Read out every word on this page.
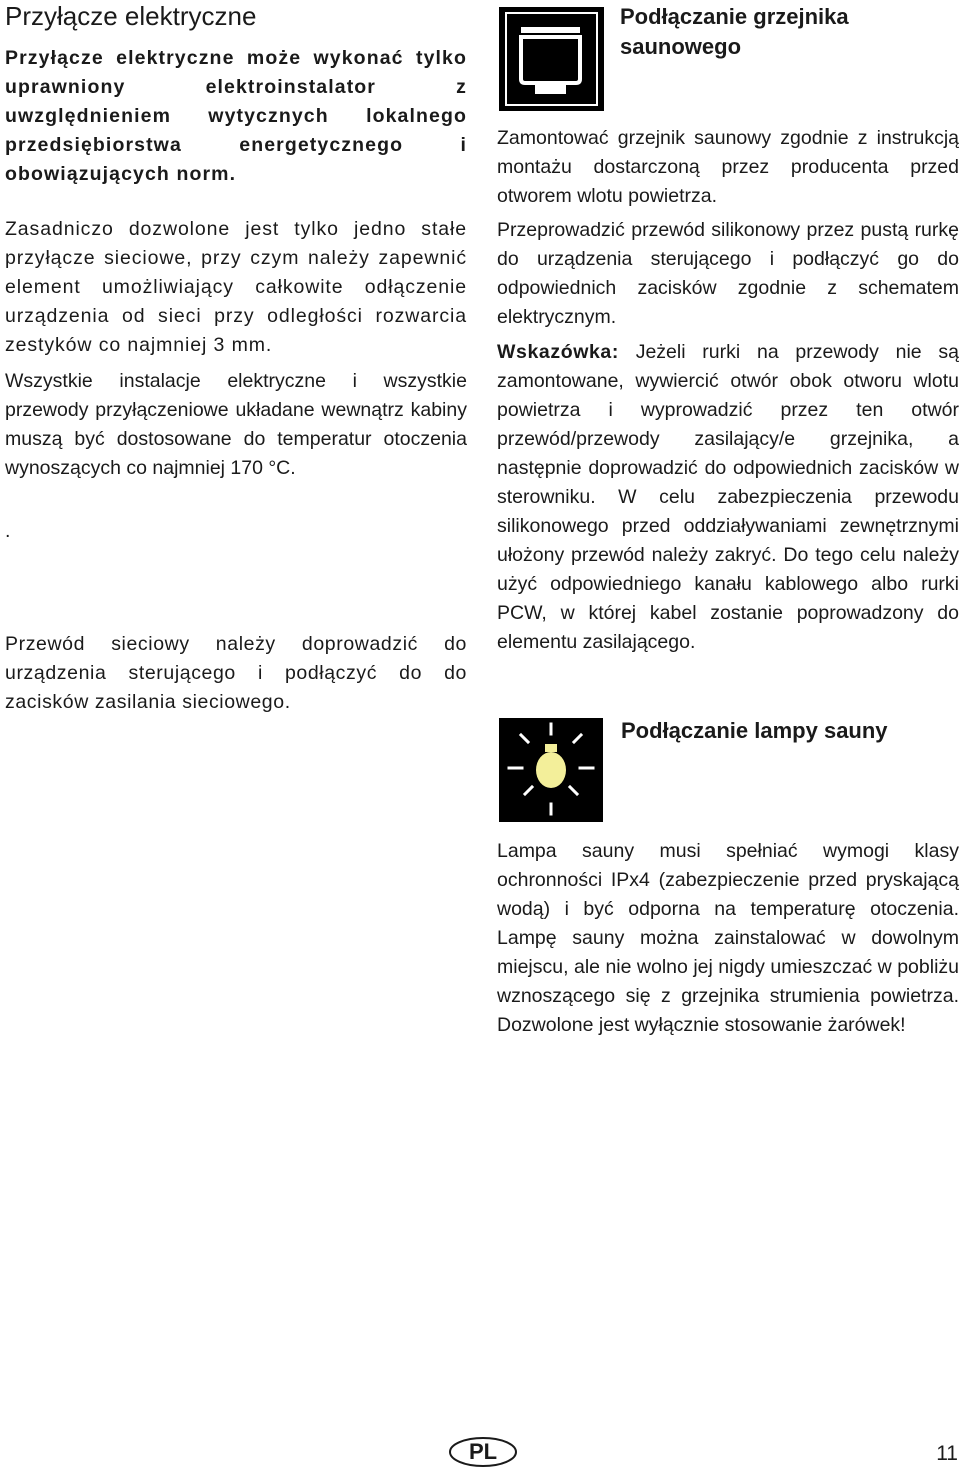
Przyłącze elektryczne

Przyłącze elektryczne może wykonać tylko uprawniony elektroinstalator z uwzględnieniem wytycznych lokalnego przedsiębiorstwa energetycznego i obowiązujących norm.

Zasadniczo dozwolone jest tylko jedno stałe przyłącze sieciowe, przy czym należy zapewnić element umożliwiający całkowite odłączenie urządzenia od sieci przy odległości rozwarcia zestyków co najmniej 3 mm.

Wszystkie instalacje elektryczne i wszystkie przewody przyłączeniowe układane wewnątrz kabiny muszą być dostosowane do temperatur otoczenia wynoszących co najmniej 170 °C.

.

Przewód sieciowy należy doprowadzić do urządzenia sterującego i podłączyć do do zacisków zasilania sieciowego.

Podłączanie grzejnika saunowego

Zamontować grzejnik saunowy zgodnie z instrukcją montażu dostarczoną przez producenta przed otworem wlotu powietrza.

Przeprowadzić przewód silikonowy przez pustą rurkę do urządzenia sterującego i podłączyć go do odpowiednich zacisków zgodnie z schematem elektrycznym.

Wskazówka: Jeżeli rurki na przewody nie są zamontowane, wywiercić otwór obok otworu wlotu powietrza i wyprowadzić przez ten otwór przewód/przewody zasilający/e grzejnika, a następnie doprowadzić do odpowiednich zacisków w sterowniku. W celu zabezpieczenia przewodu silikonowego przed oddziaływaniami zewnętrznymi ułożony przewód należy zakryć. Do tego celu należy użyć odpowiedniego kanału kablowego albo rurki PCW, w której kabel zostanie poprowadzony do elementu zasilającego.

Podłączanie lampy sauny

Lampa sauny musi spełniać wymogi klasy ochronności IPx4 (zabezpieczenie przed pryskającą wodą) i być odporna na temperaturę otoczenia. Lampę sauny można zainstalować w dowolnym miejscu, ale nie wolno jej nigdy umieszczać w pobliżu wznoszącego się z grzejnika strumienia powietrza. Dozwolone jest wyłącznie stosowanie żarówek!

PL	11
